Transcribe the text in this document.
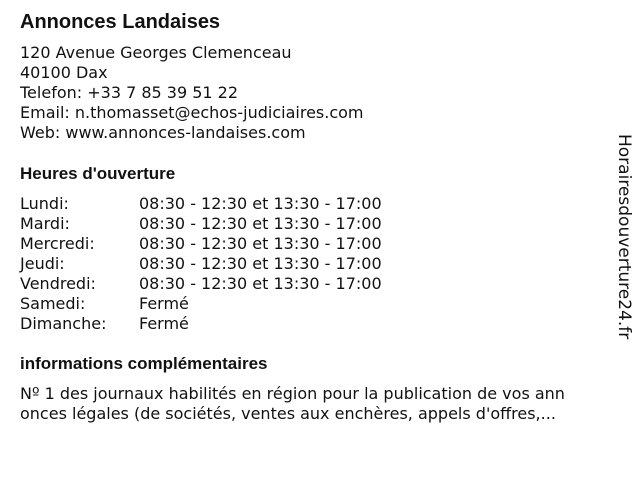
Annonces Landaises
120 Avenue Georges Clemenceau
40100 Dax
Telefon: +33 7 85 39 51 22
Email: n.thomasset@echos-judiciaires.com
Web: www.annonces-landaises.com
Heures d'ouverture
Lundi:	08:30 - 12:30 et 13:30 - 17:00
Mardi:	08:30 - 12:30 et 13:30 - 17:00
Mercredi:	08:30 - 12:30 et 13:30 - 17:00
Jeudi:	08:30 - 12:30 et 13:30 - 17:00
Vendredi:	08:30 - 12:30 et 13:30 - 17:00
Samedi:	Fermé
Dimanche: Fermé
informations complémentaires
Nº 1 des journaux habilités en région pour la publication de vos ann
onces légales (de sociétés, ventes aux enchères, appels d'offres,...
Horairesdouverture24.fr
